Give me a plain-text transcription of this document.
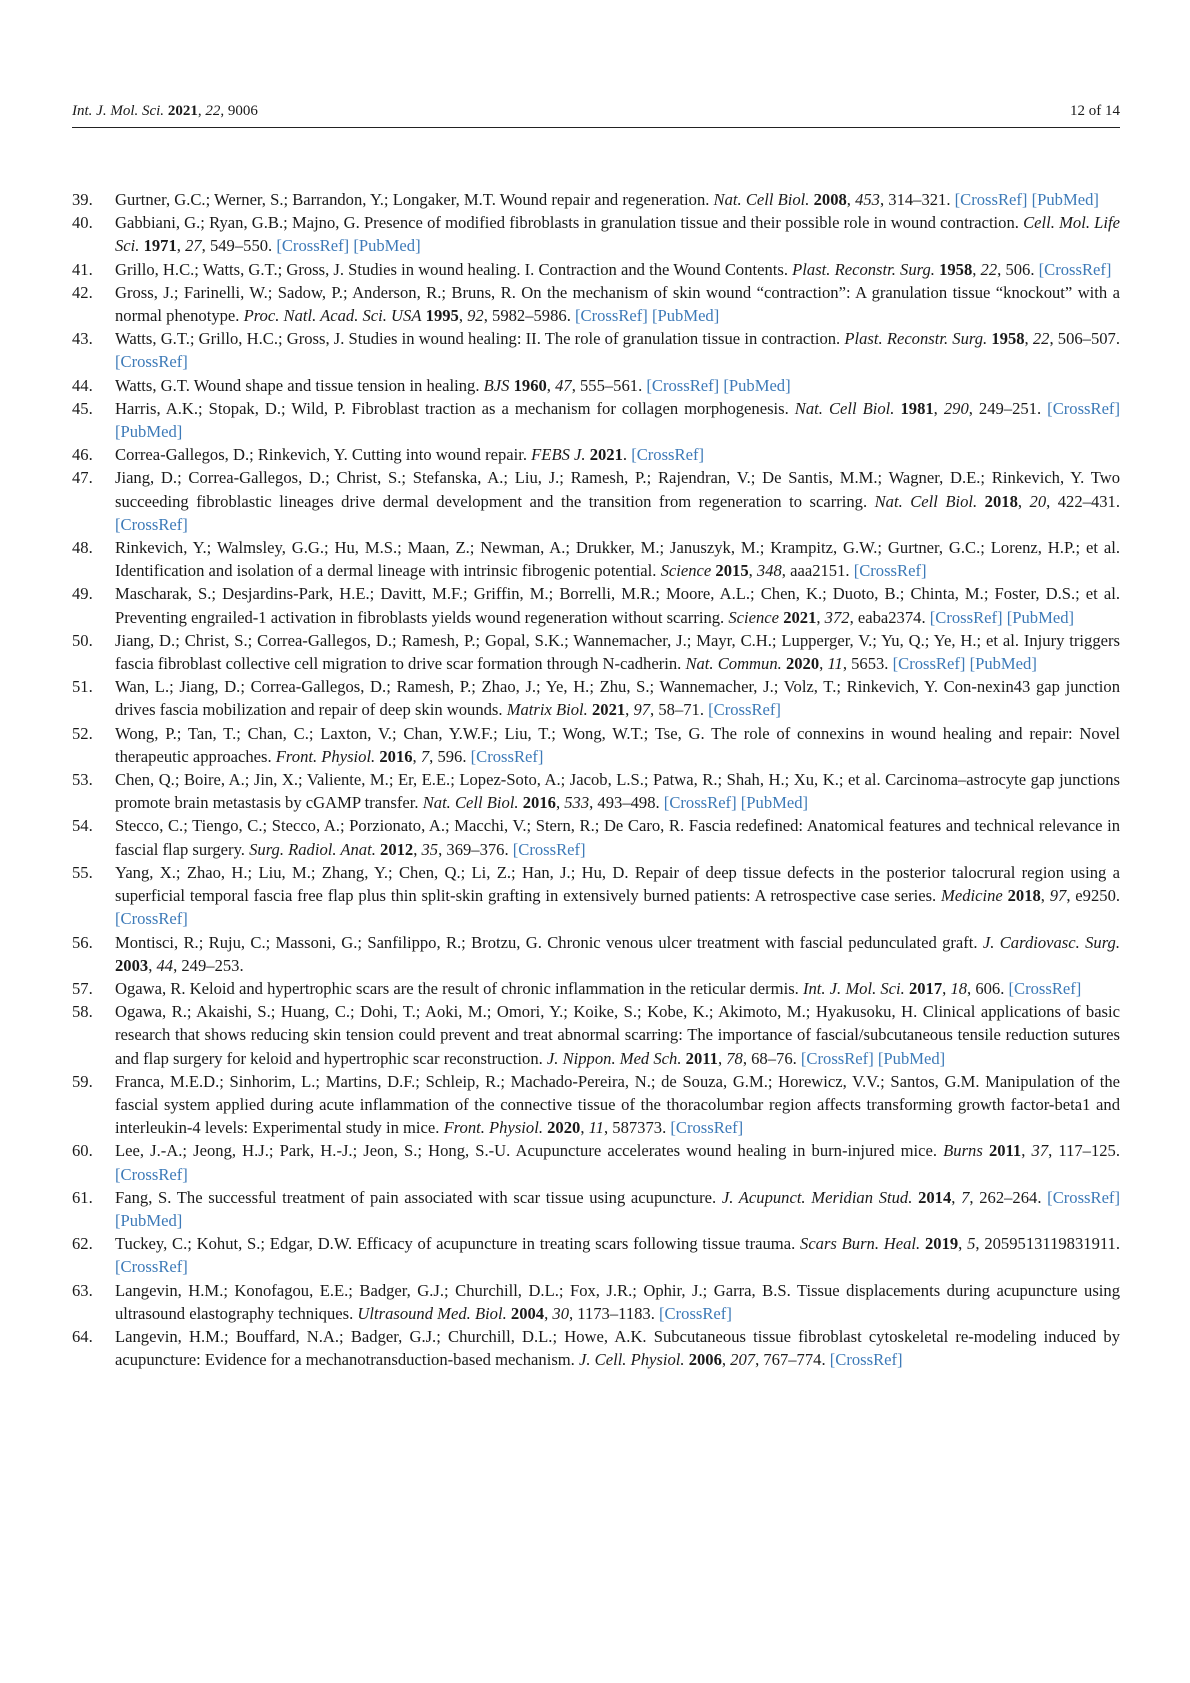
Int. J. Mol. Sci. 2021, 22, 9006	12 of 14
39.	Gurtner, G.C.; Werner, S.; Barrandon, Y.; Longaker, M.T. Wound repair and regeneration. Nat. Cell Biol. 2008, 453, 314–321. [CrossRef] [PubMed]
40.	Gabbiani, G.; Ryan, G.B.; Majno, G. Presence of modified fibroblasts in granulation tissue and their possible role in wound contraction. Cell. Mol. Life Sci. 1971, 27, 549–550. [CrossRef] [PubMed]
41.	Grillo, H.C.; Watts, G.T.; Gross, J. Studies in wound healing. I. Contraction and the Wound Contents. Plast. Reconstr. Surg. 1958, 22, 506. [CrossRef]
42.	Gross, J.; Farinelli, W.; Sadow, P.; Anderson, R.; Bruns, R. On the mechanism of skin wound “contraction”: A granulation tissue “knockout” with a normal phenotype. Proc. Natl. Acad. Sci. USA 1995, 92, 5982–5986. [CrossRef] [PubMed]
43.	Watts, G.T.; Grillo, H.C.; Gross, J. Studies in wound healing: II. The role of granulation tissue in contraction. Plast. Reconstr. Surg. 1958, 22, 506–507. [CrossRef]
44.	Watts, G.T. Wound shape and tissue tension in healing. BJS 1960, 47, 555–561. [CrossRef] [PubMed]
45.	Harris, A.K.; Stopak, D.; Wild, P. Fibroblast traction as a mechanism for collagen morphogenesis. Nat. Cell Biol. 1981, 290, 249–251. [CrossRef] [PubMed]
46.	Correa-Gallegos, D.; Rinkevich, Y. Cutting into wound repair. FEBS J. 2021. [CrossRef]
47.	Jiang, D.; Correa-Gallegos, D.; Christ, S.; Stefanska, A.; Liu, J.; Ramesh, P.; Rajendran, V.; De Santis, M.M.; Wagner, D.E.; Rinkevich, Y. Two succeeding fibroblastic lineages drive dermal development and the transition from regeneration to scarring. Nat. Cell Biol. 2018, 20, 422–431. [CrossRef]
48.	Rinkevich, Y.; Walmsley, G.G.; Hu, M.S.; Maan, Z.; Newman, A.; Drukker, M.; Januszyk, M.; Krampitz, G.W.; Gurtner, G.C.; Lorenz, H.P.; et al. Identification and isolation of a dermal lineage with intrinsic fibrogenic potential. Science 2015, 348, aaa2151. [CrossRef]
49.	Mascharak, S.; Desjardins-Park, H.E.; Davitt, M.F.; Griffin, M.; Borrelli, M.R.; Moore, A.L.; Chen, K.; Duoto, B.; Chinta, M.; Foster, D.S.; et al. Preventing engrailed-1 activation in fibroblasts yields wound regeneration without scarring. Science 2021, 372, eaba2374. [CrossRef] [PubMed]
50.	Jiang, D.; Christ, S.; Correa-Gallegos, D.; Ramesh, P.; Gopal, S.K.; Wannemacher, J.; Mayr, C.H.; Lupperger, V.; Yu, Q.; Ye, H.; et al. Injury triggers fascia fibroblast collective cell migration to drive scar formation through N-cadherin. Nat. Commun. 2020, 11, 5653. [CrossRef] [PubMed]
51.	Wan, L.; Jiang, D.; Correa-Gallegos, D.; Ramesh, P.; Zhao, J.; Ye, H.; Zhu, S.; Wannemacher, J.; Volz, T.; Rinkevich, Y. Con-nexin43 gap junction drives fascia mobilization and repair of deep skin wounds. Matrix Biol. 2021, 97, 58–71. [CrossRef]
52.	Wong, P.; Tan, T.; Chan, C.; Laxton, V.; Chan, Y.W.F.; Liu, T.; Wong, W.T.; Tse, G. The role of connexins in wound healing and repair: Novel therapeutic approaches. Front. Physiol. 2016, 7, 596. [CrossRef]
53.	Chen, Q.; Boire, A.; Jin, X.; Valiente, M.; Er, E.E.; Lopez-Soto, A.; Jacob, L.S.; Patwa, R.; Shah, H.; Xu, K.; et al. Carcinoma–astrocyte gap junctions promote brain metastasis by cGAMP transfer. Nat. Cell Biol. 2016, 533, 493–498. [CrossRef] [PubMed]
54.	Stecco, C.; Tiengo, C.; Stecco, A.; Porzionato, A.; Macchi, V.; Stern, R.; De Caro, R. Fascia redefined: Anatomical features and technical relevance in fascial flap surgery. Surg. Radiol. Anat. 2012, 35, 369–376. [CrossRef]
55.	Yang, X.; Zhao, H.; Liu, M.; Zhang, Y.; Chen, Q.; Li, Z.; Han, J.; Hu, D. Repair of deep tissue defects in the posterior talocrural region using a superficial temporal fascia free flap plus thin split-skin grafting in extensively burned patients: A retrospective case series. Medicine 2018, 97, e9250. [CrossRef]
56.	Montisci, R.; Ruju, C.; Massoni, G.; Sanfilippo, R.; Brotzu, G. Chronic venous ulcer treatment with fascial pedunculated graft. J. Cardiovasc. Surg. 2003, 44, 249–253.
57.	Ogawa, R. Keloid and hypertrophic scars are the result of chronic inflammation in the reticular dermis. Int. J. Mol. Sci. 2017, 18, 606. [CrossRef]
58.	Ogawa, R.; Akaishi, S.; Huang, C.; Dohi, T.; Aoki, M.; Omori, Y.; Koike, S.; Kobe, K.; Akimoto, M.; Hyakusoku, H. Clinical applications of basic research that shows reducing skin tension could prevent and treat abnormal scarring: The importance of fascial/subcutaneous tensile reduction sutures and flap surgery for keloid and hypertrophic scar reconstruction. J. Nippon. Med Sch. 2011, 78, 68–76. [CrossRef] [PubMed]
59.	Franca, M.E.D.; Sinhorim, L.; Martins, D.F.; Schleip, R.; Machado-Pereira, N.; de Souza, G.M.; Horewicz, V.V.; Santos, G.M. Manipulation of the fascial system applied during acute inflammation of the connective tissue of the thoracolumbar region affects transforming growth factor-beta1 and interleukin-4 levels: Experimental study in mice. Front. Physiol. 2020, 11, 587373. [CrossRef]
60.	Lee, J.-A.; Jeong, H.J.; Park, H.-J.; Jeon, S.; Hong, S.-U. Acupuncture accelerates wound healing in burn-injured mice. Burns 2011, 37, 117–125. [CrossRef]
61.	Fang, S. The successful treatment of pain associated with scar tissue using acupuncture. J. Acupunct. Meridian Stud. 2014, 7, 262–264. [CrossRef] [PubMed]
62.	Tuckey, C.; Kohut, S.; Edgar, D.W. Efficacy of acupuncture in treating scars following tissue trauma. Scars Burn. Heal. 2019, 5, 2059513119831911. [CrossRef]
63.	Langevin, H.M.; Konofagou, E.E.; Badger, G.J.; Churchill, D.L.; Fox, J.R.; Ophir, J.; Garra, B.S. Tissue displacements during acupuncture using ultrasound elastography techniques. Ultrasound Med. Biol. 2004, 30, 1173–1183. [CrossRef]
64.	Langevin, H.M.; Bouffard, N.A.; Badger, G.J.; Churchill, D.L.; Howe, A.K. Subcutaneous tissue fibroblast cytoskeletal re-modeling induced by acupuncture: Evidence for a mechanotransduction-based mechanism. J. Cell. Physiol. 2006, 207, 767–774. [CrossRef]
